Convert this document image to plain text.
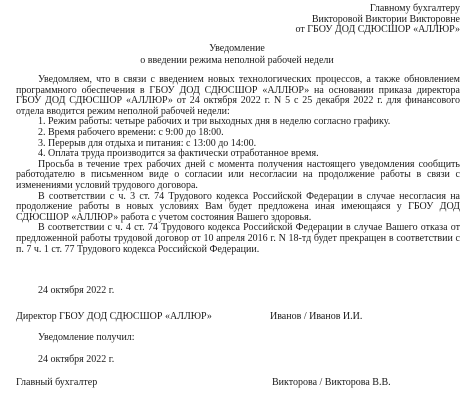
Главному бухгалтеру
Викторовой Виктории Викторовне
от ГБОУ ДОД СДЮСШОР «АЛЛЮР»
Уведомление
о введении режима неполной рабочей недели

Уведомляем, что в связи с введением новых технологических процессов, а также обновлением программного обеспечения в ГБОУ ДОД СДЮСШОР «АЛЛЮР» на основании приказа директора ГБОУ ДОД СДЮСШОР «АЛЛЮР» от 24 октября 2022 г. N 5 с 25 декабря 2022 г. для финансового отдела вводится режим неполной рабочей недели:

1. Режим работы: четыре рабочих и три выходных дня в неделю согласно графику.

2. Время рабочего времени: с 9:00 до 18:00.

3. Перерыв для отдыха и питания: с 13:00 до 14:00.

4. Оплата труда производится за фактически отработанное время.

Просьба в течение трех рабочих дней с момента получения настоящего уведомления сообщить работодателю в письменном виде о согласии или несогласии на продолжение работы в связи с изменениями условий трудового договора.

В соответствии с ч. 3 ст. 74 Трудового кодекса Российской Федерации в случае несогласия на продолжение работы в новых условиях Вам будет предложена иная имеющаяся у ГБОУ ДОД СДЮСШОР «АЛЛЮР» работа с учетом состояния Вашего здоровья.

В соответствии с ч. 4 ст. 74 Трудового кодекса Российской Федерации в случае Вашего отказа от предложенной работы трудовой договор от 10 апреля 2016 г. N 18-тд будет прекращен в соответствии с п. 7 ч. 1 ст. 77 Трудового кодекса Российской Федерации.

24 октября 2022 г.
Директор ГБОУ ДОД СДЮСШОР «АЛЛЮР»	Иванов / Иванов И.И.
Уведомление получил:
24 октября 2022 г.
Главный бухгалтер	Викторова / Викторова В.В.
